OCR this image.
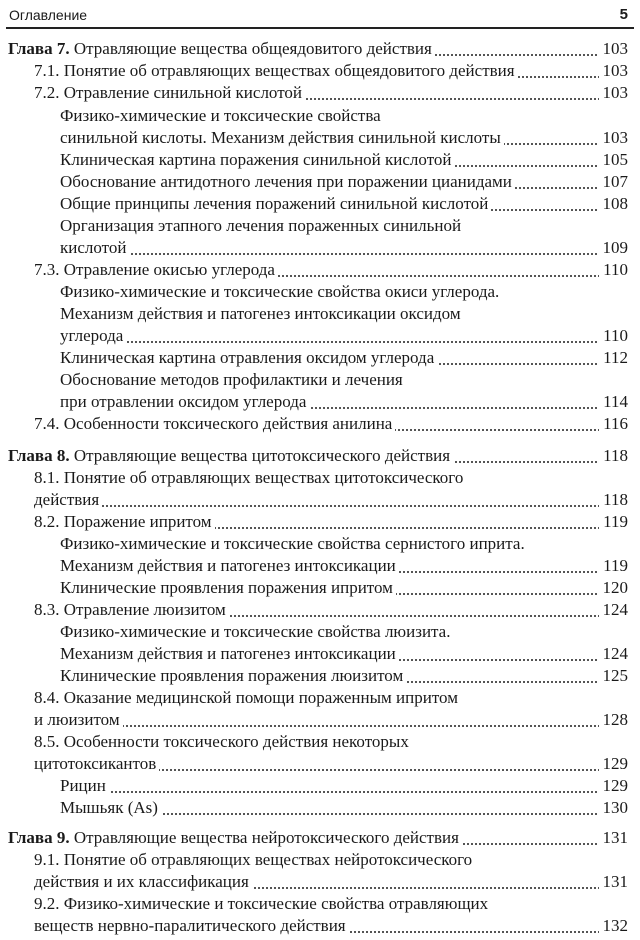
Оглавление	5
Глава 7. Отравляющие вещества общеядовитого действия	103
7.1. Понятие об отравляющих веществах общеядовитого действия	103
7.2. Отравление синильной кислотой	103
Физико-химические и токсические свойства
синильной кислоты. Механизм действия синильной кислоты	103
Клиническая картина поражения синильной кислотой	105
Обоснование антидотного лечения при поражении цианидами	107
Общие принципы лечения поражений синильной кислотой	108
Организация этапного лечения пораженных синильной
кислотой	109
7.3. Отравление окисью углерода	110
Физико-химические и токсические свойства окиси углерода.
Механизм действия и патогенез интоксикации оксидом
углерода	110
Клиническая картина отравления оксидом углерода	112
Обоснование методов профилактики и лечения
при отравлении оксидом углерода	114
7.4. Особенности токсического действия анилина	116
Глава 8. Отравляющие вещества цитотоксического действия	118
8.1. Понятие об отравляющих веществах цитотоксического
действия	118
8.2. Поражение ипритом	119
Физико-химические и токсические свойства сернистого иприта.
Механизм действия и патогенез интоксикации	119
Клинические проявления поражения ипритом	120
8.3. Отравление люизитом	124
Физико-химические и токсические свойства люизита.
Механизм действия и патогенез интоксикации	124
Клинические проявления поражения люизитом	125
8.4. Оказание медицинской помощи пораженным ипритом
и люизитом	128
8.5. Особенности токсического действия некоторых
цитотоксикантов	129
Рицин	129
Мышьяк (As)	130
Глава 9. Отравляющие вещества нейротоксического действия	131
9.1. Понятие об отравляющих веществах нейротоксического
действия и их классификация	131
9.2. Физико-химические и токсические свойства отравляющих
веществ нервно-паралитического действия	132
